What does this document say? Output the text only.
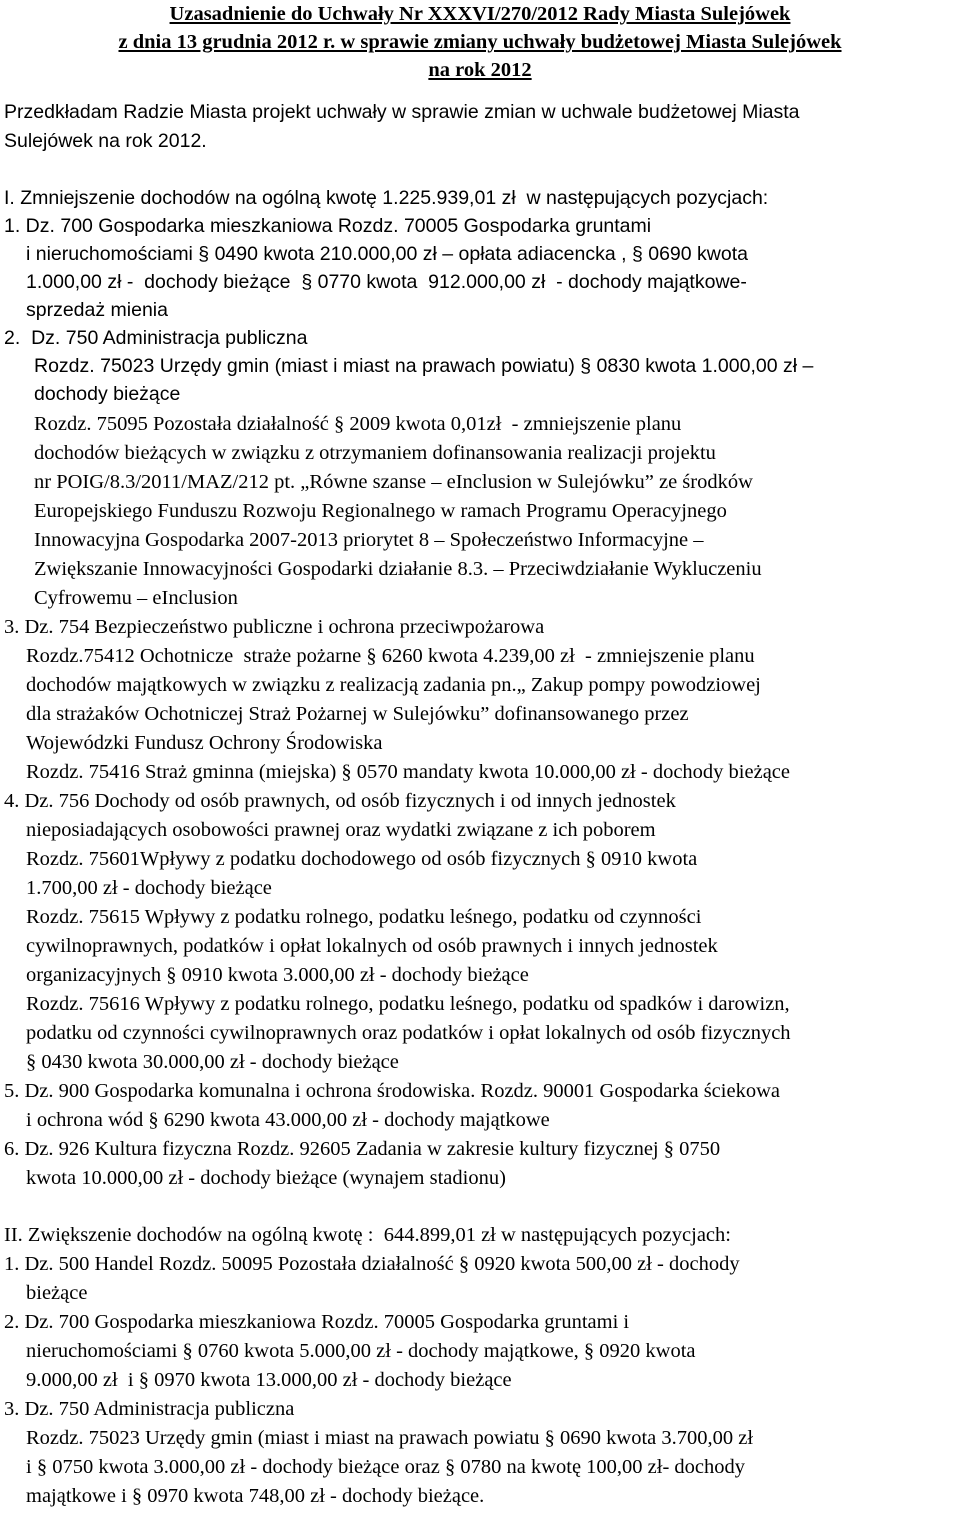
Uzasadnienie do Uchwały Nr XXXVI/270/2012 Rady Miasta Sulejówek
z dnia 13 grudnia 2012 r. w sprawie zmiany uchwały budżetowej Miasta Sulejówek
na rok 2012
Przedkładam Radzie Miasta projekt uchwały w sprawie zmian w uchwale budżetowej Miasta
Sulejówek na rok 2012.
I. Zmniejszenie dochodów na ogólną kwotę 1.225.939,01 zł  w następujących pozycjach:
1. Dz. 700 Gospodarka mieszkaniowa Rozdz. 70005 Gospodarka gruntami
i nieruchomościami § 0490 kwota 210.000,00 zł – opłata adiacencka , § 0690 kwota
1.000,00 zł -  dochody bieżące  § 0770 kwota  912.000,00 zł  - dochody majątkowe-
sprzedaż mienia
2.  Dz. 750 Administracja publiczna
Rozdz. 75023 Urzędy gmin (miast i miast na prawach powiatu) § 0830 kwota 1.000,00 zł –
dochody bieżące
Rozdz. 75095 Pozostała działalność § 2009 kwota 0,01zł  - zmniejszenie planu
dochodów bieżących w związku z otrzymaniem dofinansowania realizacji projektu
nr POIG/8.3/2011/MAZ/212 pt. „Równe szanse – eInclusion w Sulejówku” ze środków
Europejskiego Funduszu Rozwoju Regionalnego w ramach Programu Operacyjnego
Innowacyjna Gospodarka 2007-2013 priorytet 8 – Społeczeństwo Informacyjne –
Zwiększanie Innowacyjności Gospodarki działanie 8.3. – Przeciwdziałanie Wykluczeniu
Cyfrowemu – eInclusion
3. Dz. 754 Bezpieczeństwo publiczne i ochrona przeciwpożarowa
Rozdz.75412 Ochotnicze  straże pożarne § 6260 kwota 4.239,00 zł  - zmniejszenie planu
dochodów majątkowych w związku z realizacją zadania pn.„ Zakup pompy powodziowej
dla strażaków Ochotniczej Straż Pożarnej w Sulejówku” dofinansowanego przez
Wojewódzki Fundusz Ochrony Środowiska
Rozdz. 75416 Straż gminna (miejska) § 0570 mandaty kwota 10.000,00 zł - dochody bieżące
4. Dz. 756 Dochody od osób prawnych, od osób fizycznych i od innych jednostek
nieposiadających osobowości prawnej oraz wydatki związane z ich poborem
Rozdz. 75601Wpływy z podatku dochodowego od osób fizycznych § 0910 kwota
1.700,00 zł - dochody bieżące
Rozdz. 75615 Wpływy z podatku rolnego, podatku leśnego, podatku od czynności
cywilnoprawnych, podatków i opłat lokalnych od osób prawnych i innych jednostek
organizacyjnych § 0910 kwota 3.000,00 zł - dochody bieżące
Rozdz. 75616 Wpływy z podatku rolnego, podatku leśnego, podatku od spadków i darowizn,
podatku od czynności cywilnoprawnych oraz podatków i opłat lokalnych od osób fizycznych
§ 0430 kwota 30.000,00 zł - dochody bieżące
5. Dz. 900 Gospodarka komunalna i ochrona środowiska. Rozdz. 90001 Gospodarka ściekowa
i ochrona wód § 6290 kwota 43.000,00 zł - dochody majątkowe
6. Dz. 926 Kultura fizyczna Rozdz. 92605 Zadania w zakresie kultury fizycznej § 0750
kwota 10.000,00 zł - dochody bieżące (wynajem stadionu)
II. Zwiększenie dochodów na ogólną kwotę :  644.899,01 zł w następujących pozycjach:
1. Dz. 500 Handel Rozdz. 50095 Pozostała działalność § 0920 kwota 500,00 zł - dochody
bieżące
2. Dz. 700 Gospodarka mieszkaniowa Rozdz. 70005 Gospodarka gruntami i
nieruchomościami § 0760 kwota 5.000,00 zł - dochody majątkowe, § 0920 kwota
9.000,00 zł  i § 0970 kwota 13.000,00 zł - dochody bieżące
3. Dz. 750 Administracja publiczna
Rozdz. 75023 Urzędy gmin (miast i miast na prawach powiatu § 0690 kwota 3.700,00 zł
i § 0750 kwota 3.000,00 zł - dochody bieżące oraz § 0780 na kwotę 100,00 zł- dochody
majątkowe i § 0970 kwota 748,00 zł - dochody bieżące.
